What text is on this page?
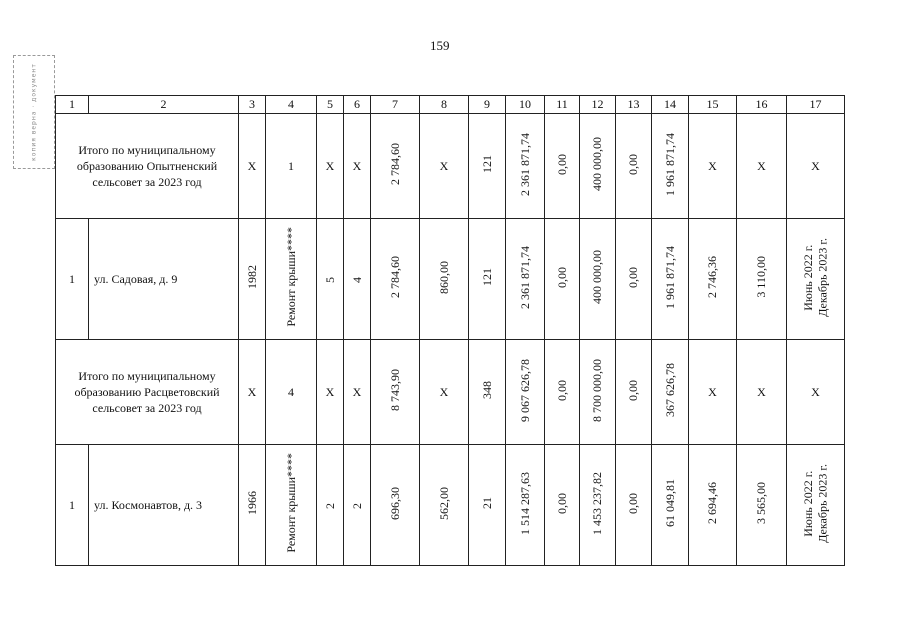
159
копия верна · документ	1	2	3	4	5	6	7	8	9	10	11	12	13	14	15	16	17
Итого по муниципальному образованию Опытненский сельсовет за 2023 год		Х	1	Х	Х	2 784,60	Х	121	2 361 871,74	0,00	400 000,00	0,00	1 961 871,74	Х	Х	Х
1	ул. Садовая, д. 9	1982	Ремонт крыши****	5	4	2 784,60	860,00	121	2 361 871,74	0,00	400 000,00	0,00	1 961 871,74	2 746,36	3 110,00	Июнь 2022 г.
Декабрь 2023 г.
Итого по муниципальному образованию Расцветовский сельсовет за 2023 год		Х	4	Х	Х	8 743,90	Х	348	9 067 626,78	0,00	8 700 000,00	0,00	367 626,78	Х	Х	Х
1	ул. Космонавтов, д. 3	1966	Ремонт крыши****	2	2	696,30	562,00	21	1 514 287,63	0,00	1 453 237,82	0,00	61 049,81	2 694,46	3 565,00	Июнь 2022 г.
Декабрь 2023 г.
